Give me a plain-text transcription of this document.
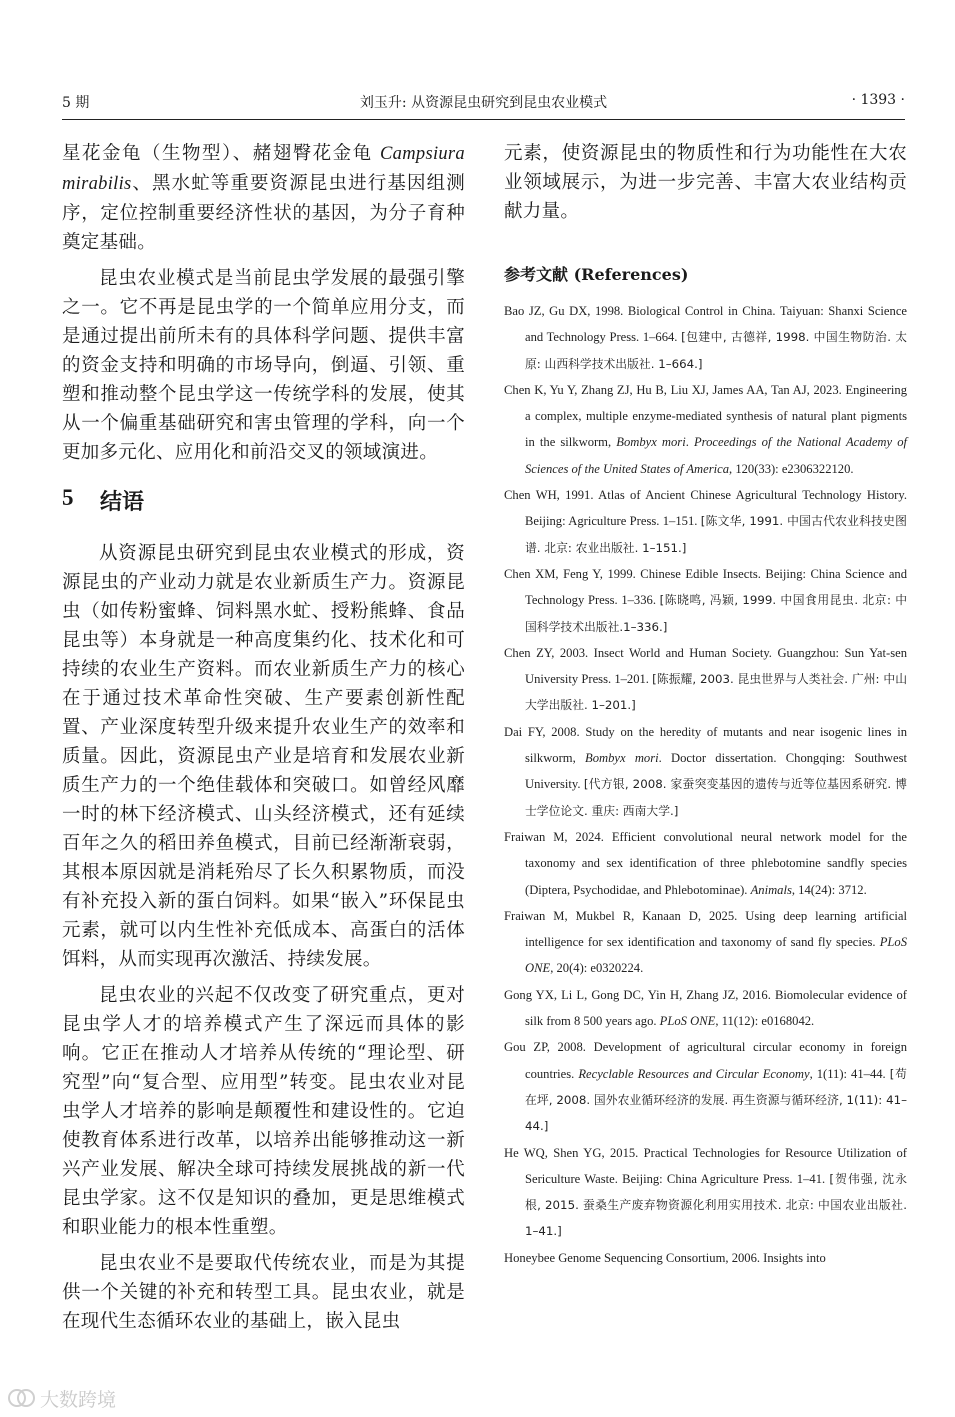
5 期	刘玉升: 从资源昆虫研究到昆虫农业模式	· 1393 ·

星花金龟（生物型）、赭翅臀花金龟 Campsiura mirabilis、黑水虻等重要资源昆虫进行基因组测序，定位控制重要经济性状的基因，为分子育种奠定基础。

昆虫农业模式是当前昆虫学发展的最强引擎之一。它不再是昆虫学的一个简单应用分支，而是通过提出前所未有的具体科学问题、提供丰富的资金支持和明确的市场导向，倒逼、引领、重塑和推动整个昆虫学这一传统学科的发展，使其从一个偏重基础研究和害虫管理的学科，向一个更加多元化、应用化和前沿交叉的领域演进。

5 结语

从资源昆虫研究到昆虫农业模式的形成，资源昆虫的产业动力就是农业新质生产力。资源昆虫（如传粉蜜蜂、饲料黑水虻、授粉熊蜂、食品昆虫等）本身就是一种高度集约化、技术化和可持续的农业生产资料。而农业新质生产力的核心在于通过技术革命性突破、生产要素创新性配置、产业深度转型升级来提升农业生产的效率和质量。因此，资源昆虫产业是培育和发展农业新质生产力的一个绝佳载体和突破口。如曾经风靡一时的林下经济模式、山头经济模式，还有延续百年之久的稻田养鱼模式，目前已经渐渐衰弱，其根本原因就是消耗殆尽了长久积累物质，而没有补充投入新的蛋白饲料。如果“嵌入”环保昆虫元素，就可以内生性补充低成本、高蛋白的活体饵料，从而实现再次激活、持续发展。

昆虫农业的兴起不仅改变了研究重点，更对昆虫学人才的培养模式产生了深远而具体的影响。它正在推动人才培养从传统的“理论型、研究型”向“复合型、应用型”转变。昆虫农业对昆虫学人才培养的影响是颠覆性和建设性的。它迫使教育体系进行改革，以培养出能够推动这一新兴产业发展、解决全球可持续发展挑战的新一代昆虫学家。这不仅是知识的叠加，更是思维模式和职业能力的根本性重塑。

昆虫农业不是要取代传统农业，而是为其提供一个关键的补充和转型工具。昆虫农业，就是在现代生态循环农业的基础上，嵌入昆虫

元素，使资源昆虫的物质性和行为功能性在大农业领域展示，为进一步完善、丰富大农业结构贡献力量。

参考文献 (References)
Bao JZ, Gu DX, 1998. Biological Control in China. Taiyuan: Shanxi Science and Technology Press. 1–664. [包建中, 古德祥, 1998. 中国生物防治. 太原: 山西科学技术出版社. 1–664.]
Chen K, Yu Y, Zhang ZJ, Hu B, Liu XJ, James AA, Tan AJ, 2023. Engineering a complex, multiple enzyme-mediated synthesis of natural plant pigments in the silkworm, Bombyx mori. Proceedings of the National Academy of Sciences of the United States of America, 120(33): e2306322120.
Chen WH, 1991. Atlas of Ancient Chinese Agricultural Technology History. Beijing: Agriculture Press. 1–151. [陈文华, 1991. 中国古代农业科技史图谱. 北京: 农业出版社. 1–151.]
Chen XM, Feng Y, 1999. Chinese Edible Insects. Beijing: China Science and Technology Press. 1–336. [陈晓鸣, 冯颖, 1999. 中国食用昆虫. 北京: 中国科学技术出版社.1–336.]
Chen ZY, 2003. Insect World and Human Society. Guangzhou: Sun Yat-sen University Press. 1–201. [陈振耀, 2003. 昆虫世界与人类社会. 广州: 中山大学出版社. 1–201.]
Dai FY, 2008. Study on the heredity of mutants and near isogenic lines in silkworm, Bombyx mori. Doctor dissertation. Chongqing: Southwest University. [代方银, 2008. 家蚕突变基因的遗传与近等位基因系研究. 博士学位论文. 重庆: 西南大学.]
Fraiwan M, 2024. Efficient convolutional neural network model for the taxonomy and sex identification of three phlebotomine sandfly species (Diptera, Psychodidae, and Phlebotominae). Animals, 14(24): 3712.
Fraiwan M, Mukbel R, Kanaan D, 2025. Using deep learning artificial intelligence for sex identification and taxonomy of sand fly species. PLoS ONE, 20(4): e0320224.
Gong YX, Li L, Gong DC, Yin H, Zhang JZ, 2016. Biomolecular evidence of silk from 8 500 years ago. PLoS ONE, 11(12): e0168042.
Gou ZP, 2008. Development of agricultural circular economy in foreign countries. Recyclable Resources and Circular Economy, 1(11): 41–44. [苟在坪, 2008. 国外农业循环经济的发展. 再生资源与循环经济, 1(11): 41–44.]
He WQ, Shen YG, 2015. Practical Technologies for Resource Utilization of Sericulture Waste. Beijing: China Agriculture Press. 1–41. [贺伟强, 沈永根, 2015. 蚕桑生产废弃物资源化利用实用技术. 北京: 中国农业出版社. 1–41.]
Honeybee Genome Sequencing Consortium, 2006. Insights into
大数跨境
